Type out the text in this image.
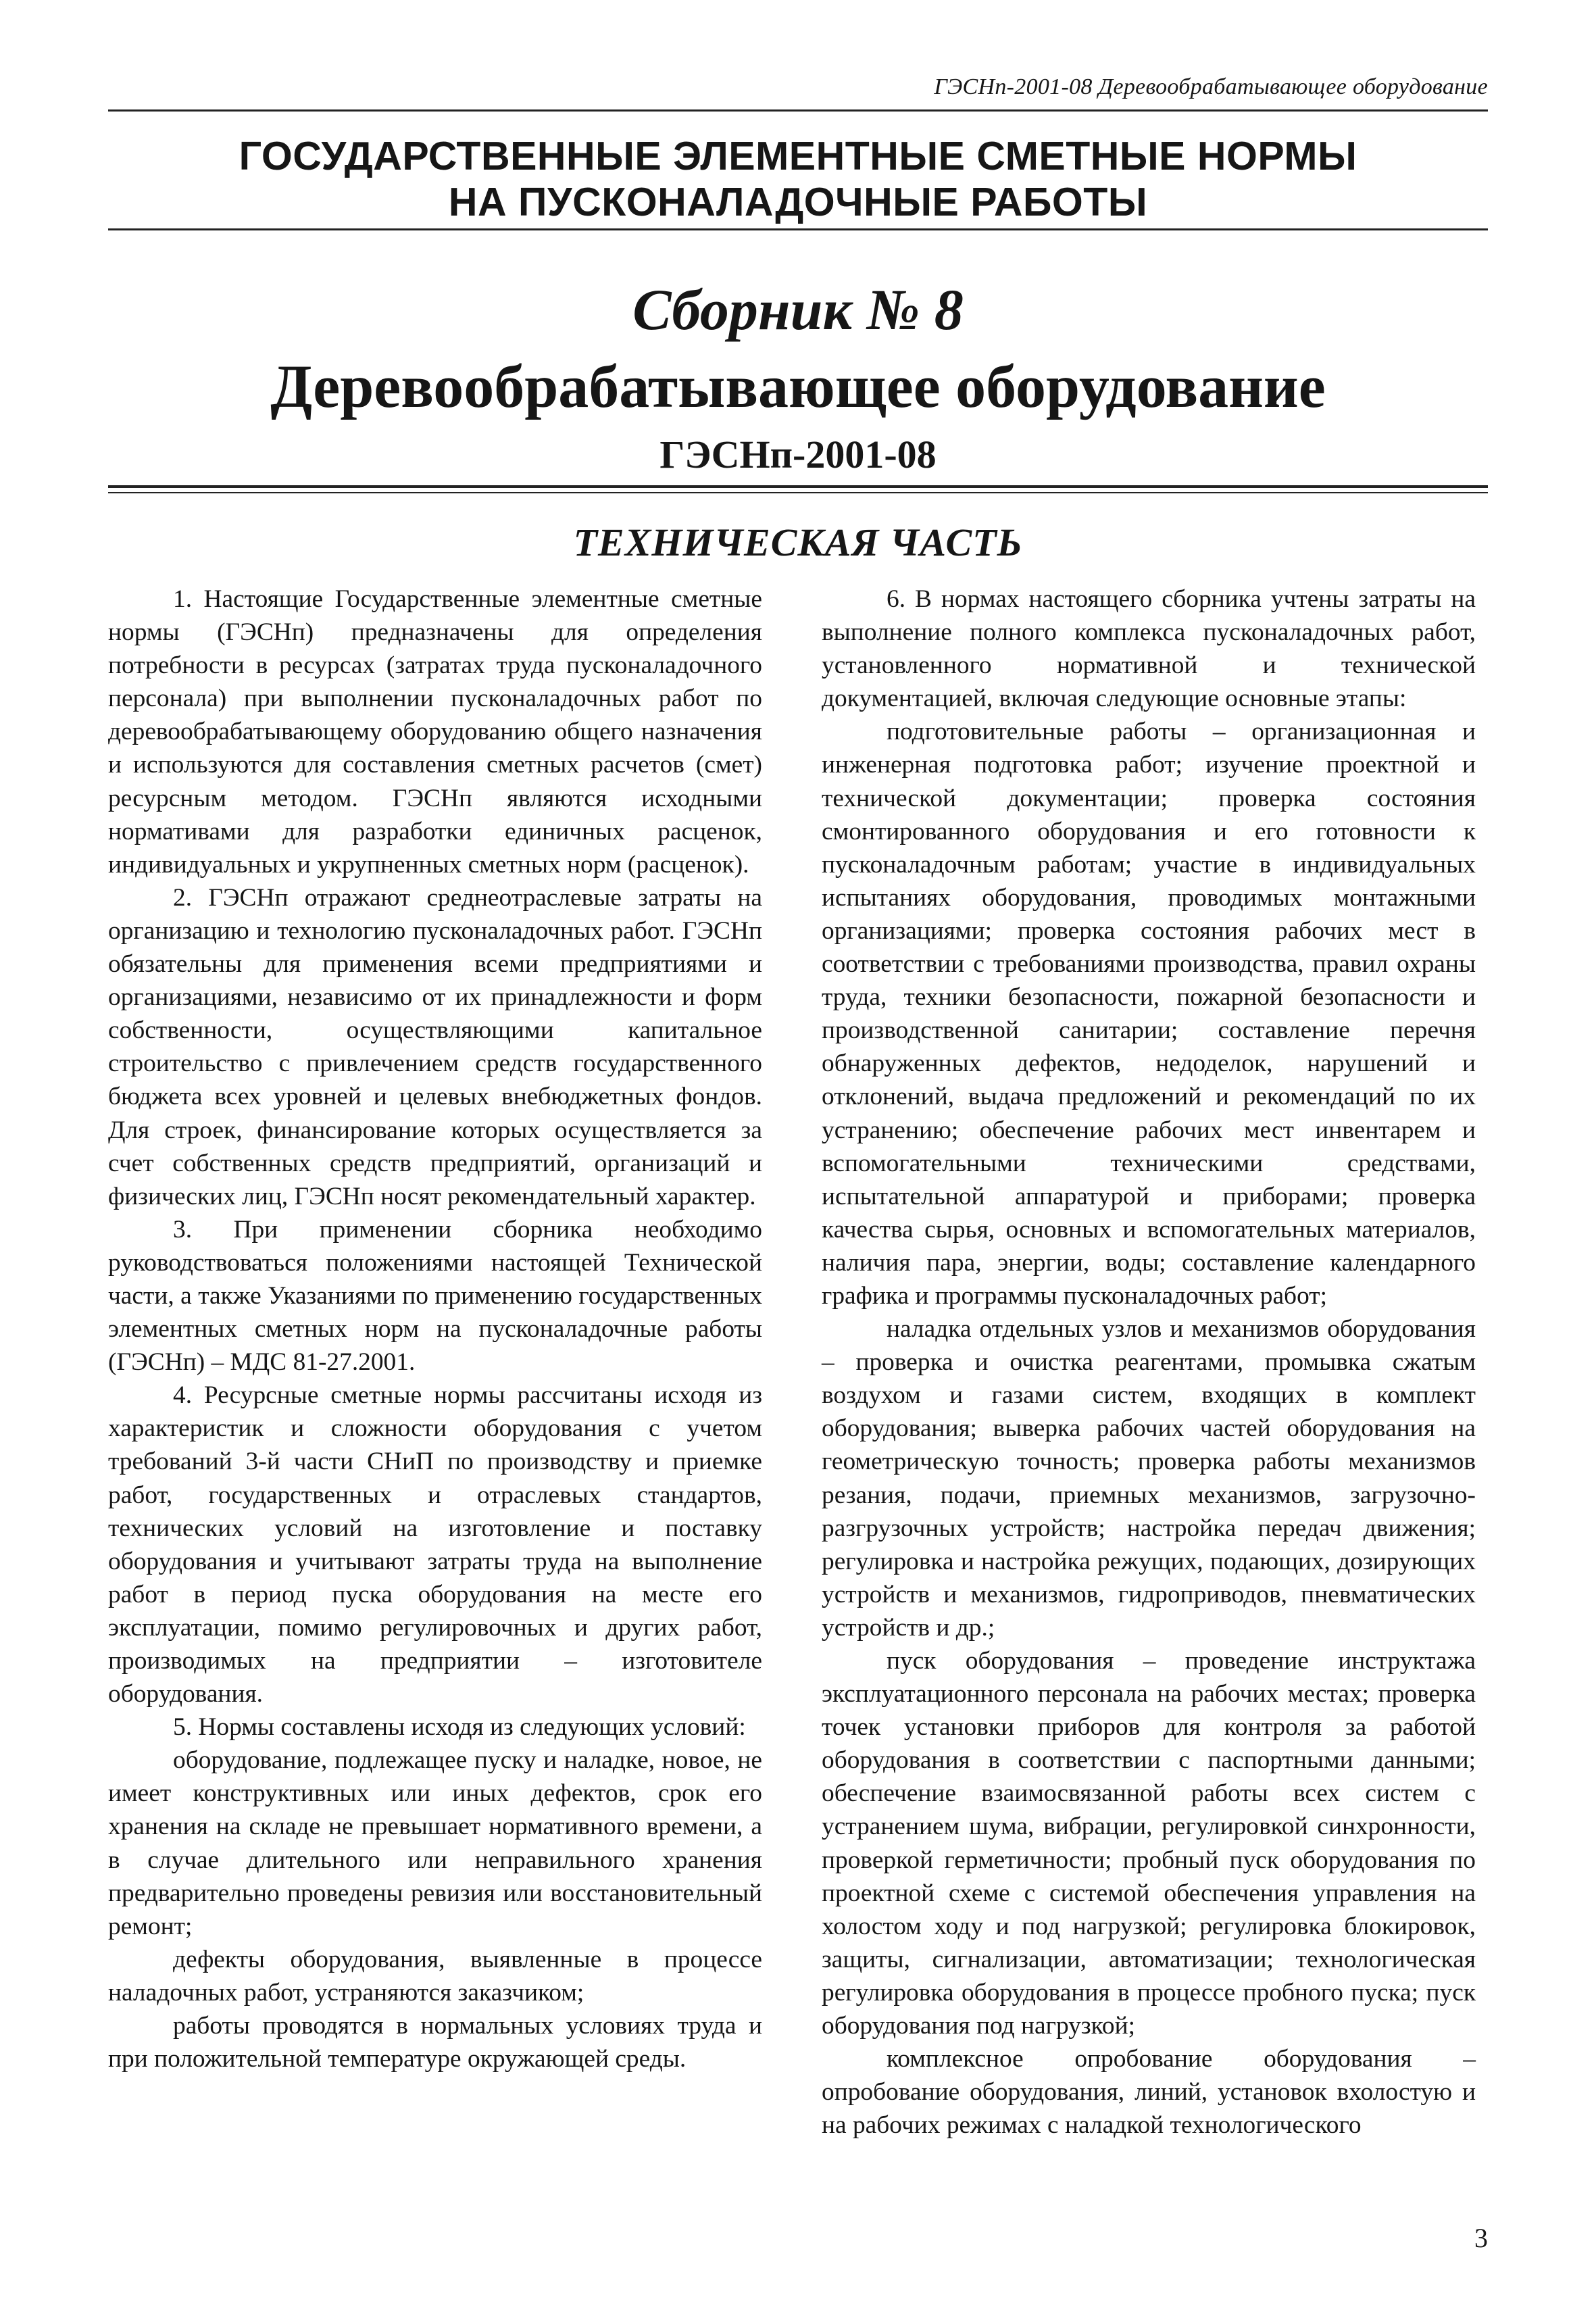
ГЭСНп-2001-08 Деревообрабатывающее оборудование
ГОСУДАРСТВЕННЫЕ ЭЛЕМЕНТНЫЕ СМЕТНЫЕ НОРМЫ
НА ПУСКОНАЛАДОЧНЫЕ РАБОТЫ
Сборник № 8
Деревообрабатывающее оборудование
ГЭСНп-2001-08
ТЕХНИЧЕСКАЯ ЧАСТЬ

1. Настоящие Государственные элементные сметные нормы (ГЭСНп) предназначены для определения потребности в ресурсах (затратах труда пусконаладочного персонала) при выполнении пусконаладочных работ по деревообрабатывающему оборудованию общего назначения и используются для составления сметных расчетов (смет) ресурсным методом. ГЭСНп являются исходными нормативами для разработки единичных расценок, индивидуальных и укрупненных сметных норм (расценок).

2. ГЭСНп отражают среднеотраслевые затраты на организацию и технологию пусконаладочных работ. ГЭСНп обязательны для применения всеми предприятиями и организациями, независимо от их принадлежности и форм собственности, осуществляющими капитальное строительство с привлечением средств государственного бюджета всех уровней и целевых внебюджетных фондов. Для строек, финансирование которых осуществляется за счет собственных средств предприятий, организаций и физических лиц, ГЭСНп носят рекомендательный характер.

3. При применении сборника необходимо руководствоваться положениями настоящей Технической части, а также Указаниями по применению государственных элементных сметных норм на пусконаладочные работы (ГЭСНп) – МДС 81-27.2001.

4. Ресурсные сметные нормы рассчитаны исходя из характеристик и сложности оборудования с учетом требований 3-й части СНиП по производству и приемке работ, государственных и отраслевых стандартов, технических условий на изготовление и поставку оборудования и учитывают затраты труда на выполнение работ в период пуска оборудования на месте его эксплуатации, помимо регулировочных и других работ, производимых на предприятии – изготовителе оборудования.

5. Нормы составлены исходя из следующих условий:

оборудование, подлежащее пуску и наладке, новое, не имеет конструктивных или иных дефектов, срок его хранения на складе не превышает нормативного времени, а в случае длительного или неправильного хранения предварительно проведены ревизия или восстановительный ремонт;

дефекты оборудования, выявленные в процессе наладочных работ, устраняются заказчиком;

работы проводятся в нормальных условиях труда и при положительной температуре окружающей среды.

6. В нормах настоящего сборника учтены затраты на выполнение полного комплекса пусконаладочных работ, установленного нормативной и технической документацией, включая следующие основные этапы:

подготовительные работы – организационная и инженерная подготовка работ; изучение проектной и технической документации; проверка состояния смонтированного оборудования и его готовности к пусконаладочным работам; участие в индивидуальных испытаниях оборудования, проводимых монтажными организациями; проверка состояния рабочих мест в соответствии с требованиями производства, правил охраны труда, техники безопасности, пожарной безопасности и производственной санитарии; составление перечня обнаруженных дефектов, недоделок, нарушений и отклонений, выдача предложений и рекомендаций по их устранению; обеспечение рабочих мест инвентарем и вспомогательными техническими средствами, испытательной аппаратурой и приборами; проверка качества сырья, основных и вспомогательных материалов, наличия пара, энергии, воды; составление календарного графика и программы пусконаладочных работ;

наладка отдельных узлов и механизмов оборудования – проверка и очистка реагентами, промывка сжатым воздухом и газами систем, входящих в комплект оборудования; выверка рабочих частей оборудования на геометрическую точность; проверка работы механизмов резания, подачи, приемных механизмов, загрузочно-разгрузочных устройств; настройка передач движения; регулировка и настройка режущих, подающих, дозирующих устройств и механизмов, гидроприводов, пневматических устройств и др.;

пуск оборудования – проведение инструктажа эксплуатационного персонала на рабочих местах; проверка точек установки приборов для контроля за работой оборудования в соответствии с паспортными данными; обеспечение взаимосвязанной работы всех систем с устранением шума, вибрации, регулировкой синхронности, проверкой герметичности; пробный пуск оборудования по проектной схеме с системой обеспечения управления на холостом ходу и под нагрузкой; регулировка блокировок, защиты, сигнализации, автоматизации; технологическая регулировка оборудования в процессе пробного пуска; пуск оборудования под нагрузкой;

комплексное опробование оборудования – опробование оборудования, линий, установок вхолостую и на рабочих режимах с наладкой технологического

3
